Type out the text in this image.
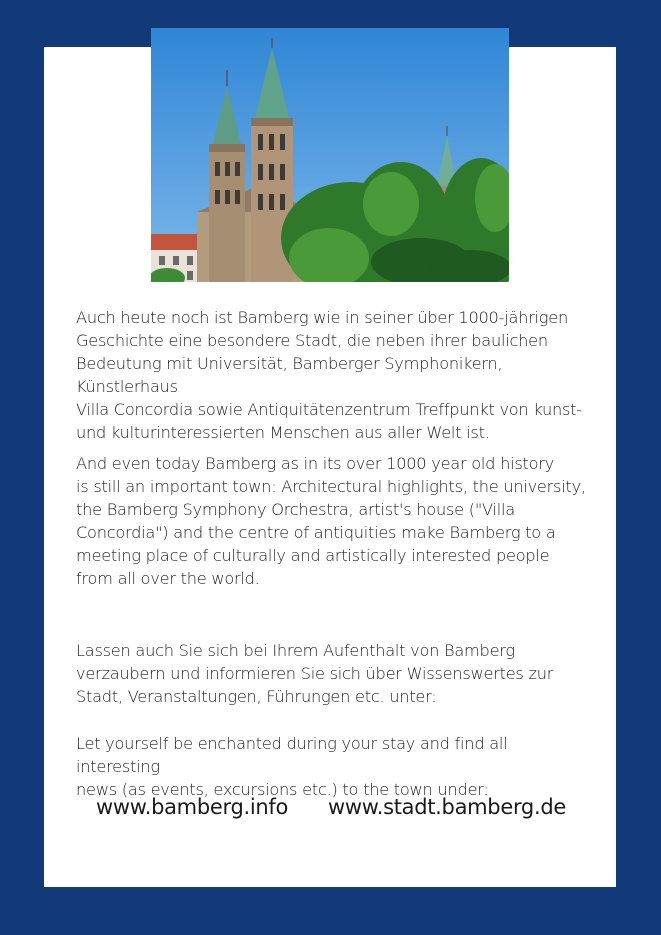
Auch heute noch ist Bamberg wie in seiner über 1000-jährigen
Geschichte eine besondere Stadt, die neben ihrer baulichen
Bedeutung mit Universität, Bamberger Symphonikern, Künstlerhaus
Villa Concordia sowie Antiquitätenzentrum Treffpunkt von kunst-
und kulturinteressierten Menschen aus aller Welt ist.

And even today Bamberg as in its over 1000 year old history
is still an important town: Architectural highlights, the university,
the Bamberg Symphony Orchestra, artist's house ("Villa
Concordia") and the centre of antiquities make Bamberg to a
meeting place of culturally and artistically interested people
from all over the world.

Lassen auch Sie sich bei Ihrem Aufenthalt von Bamberg
verzaubern und informieren Sie sich über Wissenswertes zur
Stadt, Veranstaltungen, Führungen etc. unter:

Let yourself be enchanted during your stay and find all interesting
news (as events, excursions etc.) to the town under:

www.bamberg.info www.stadt.bamberg.de
